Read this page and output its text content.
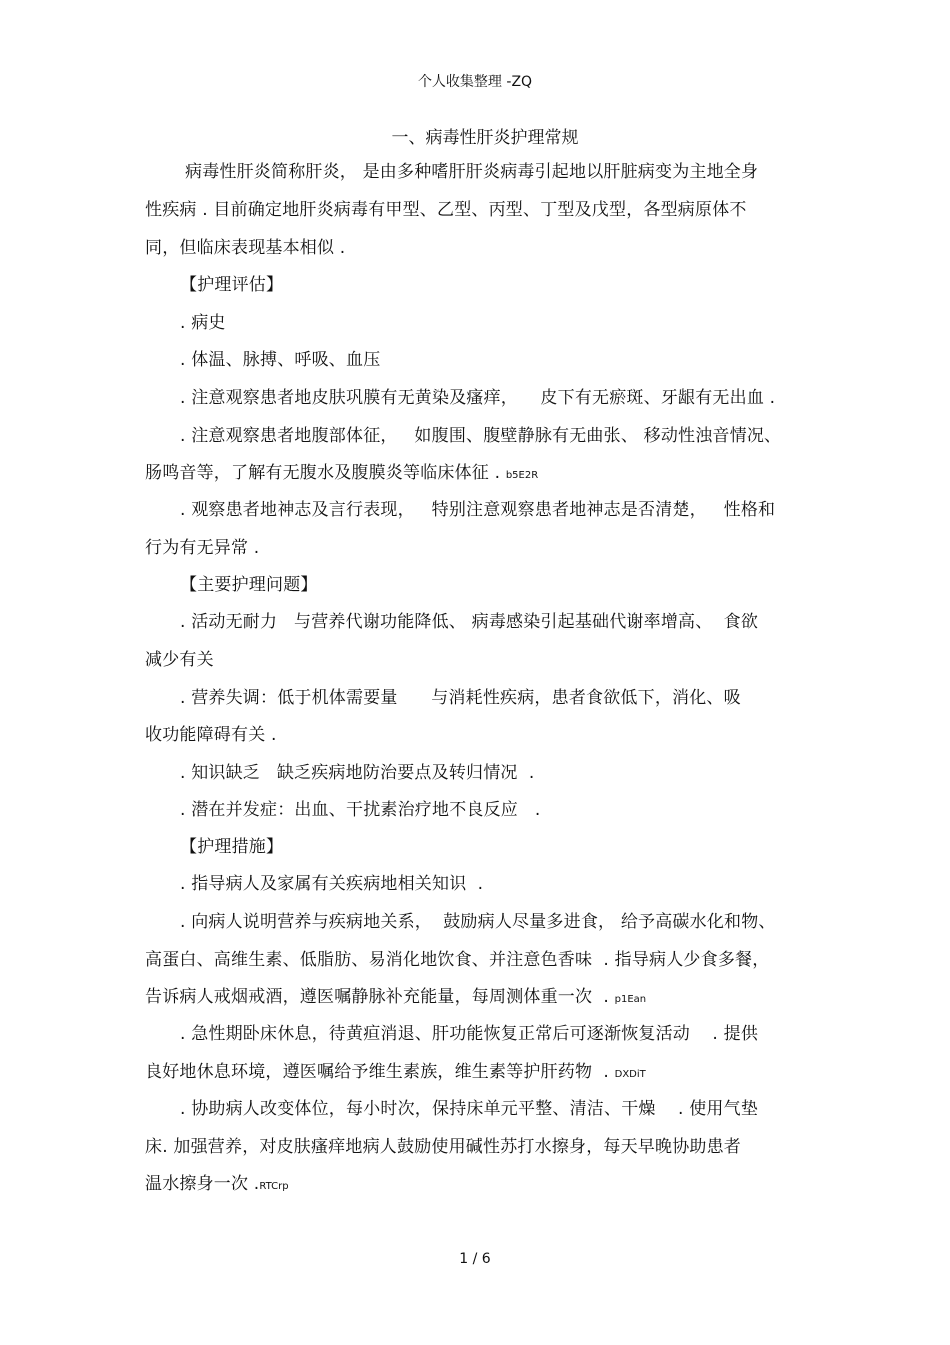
个人收集整理 -ZQ
一、病毒性肝炎护理常规
病毒性肝炎简称肝炎， 是由多种嗜肝肝炎病毒引起地以肝脏病变为主地全身
性疾病 . 目前确定地肝炎病毒有甲型、乙型、丙型、丁型及戊型，各型病原体不
同，但临床表现基本相似 .
【护理评估】
. 病史
. 体温、脉搏、呼吸、血压
. 注意观察患者地皮肤巩膜有无黄染及瘙痒，    皮下有无瘀斑、牙龈有无出血 .
. 注意观察患者地腹部体征，   如腹围、腹壁静脉有无曲张、 移动性浊音情况、
肠鸣音等，了解有无腹水及腹膜炎等临床体征 . b5E2R
. 观察患者地神志及言行表现，   特别注意观察患者地神志是否清楚，   性格和
行为有无异常 .
【主要护理问题】
. 活动无耐力   与营养代谢功能降低、 病毒感染引起基础代谢率增高、  食欲
减少有关
. 营养失调：低于机体需要量      与消耗性疾病，患者食欲低下，消化、吸
收功能障碍有关 .
. 知识缺乏   缺乏疾病地防治要点及转归情况  .
. 潜在并发症：出血、干扰素治疗地不良反应   .
【护理措施】
. 指导病人及家属有关疾病地相关知识  .
. 向病人说明营养与疾病地关系，  鼓励病人尽量多进食， 给予高碳水化和物、
高蛋白、高维生素、低脂肪、易消化地饮食、并注意色香味  . 指导病人少食多餐，
告诉病人戒烟戒酒，遵医嘱静脉补充能量，每周测体重一次  . p1Ean
. 急性期卧床休息，待黄疸消退、肝功能恢复正常后可逐渐恢复活动    . 提供
良好地休息环境，遵医嘱给予维生素族，维生素等护肝药物  . DXDiT
. 协助病人改变体位，每小时次，保持床单元平整、清洁、干燥    . 使用气垫
床. 加强营养，对皮肤瘙痒地病人鼓励使用碱性苏打水擦身，每天早晚协助患者
温水擦身一次 .RTCrp
1 / 6
